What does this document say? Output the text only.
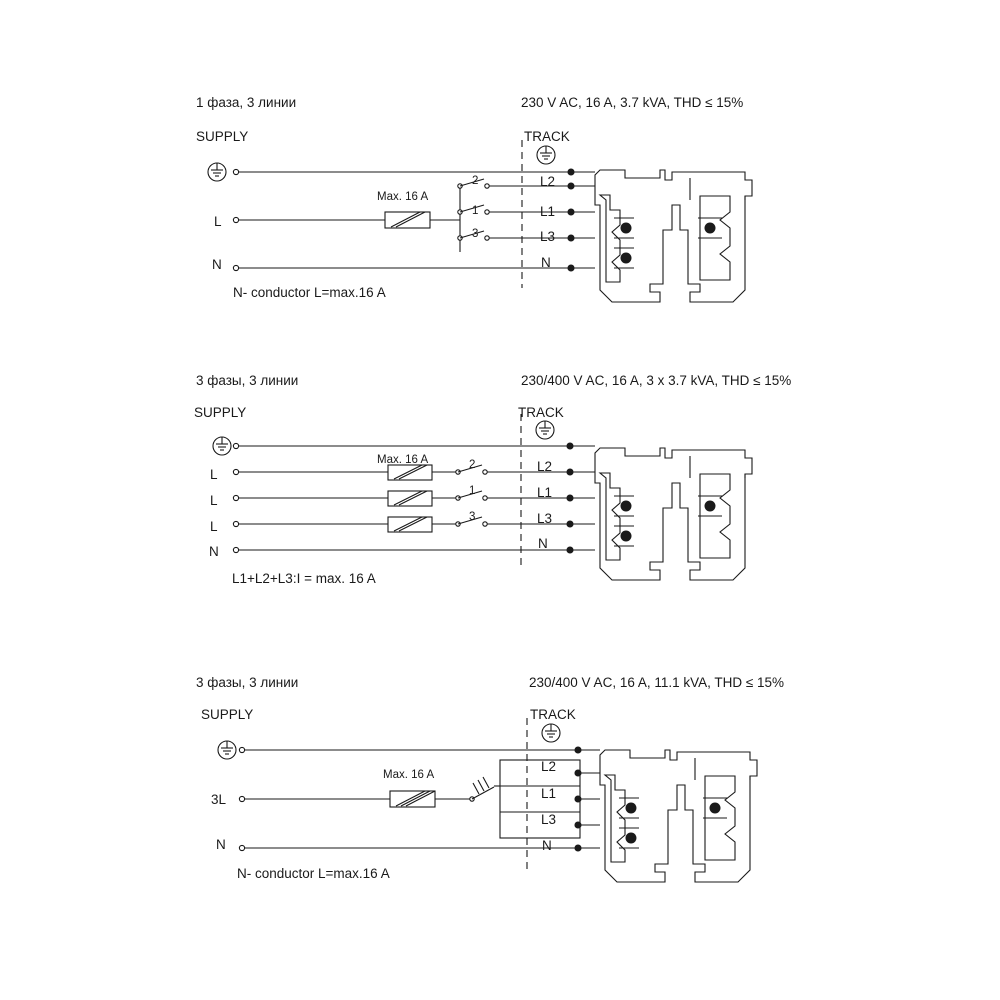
1 фаза, 3 линии	230 V AC, 16 A, 3.7 kVA, THD ≤ 15%
SUPPLY	TRACK
L
N
Max. 16 A
2
1
3
L2
L1
L3
N
N- conductor L=max.16 A
3 фазы, 3 линии	230/400 V AC, 16 A, 3 x 3.7 kVA, THD ≤ 15%
SUPPLY	TRACK
L
L
L
N
Max. 16 A	2
1
3
L2
L1
L3
N
L1+L2+L3:I = max. 16 A
3 фазы, 3 линии	230/400 V AC, 16 A, 11.1 kVA, THD ≤ 15%
SUPPLY	TRACK
3L
N
Max. 16 A
L2
L1
L3
N
N- conductor L=max.16 A
